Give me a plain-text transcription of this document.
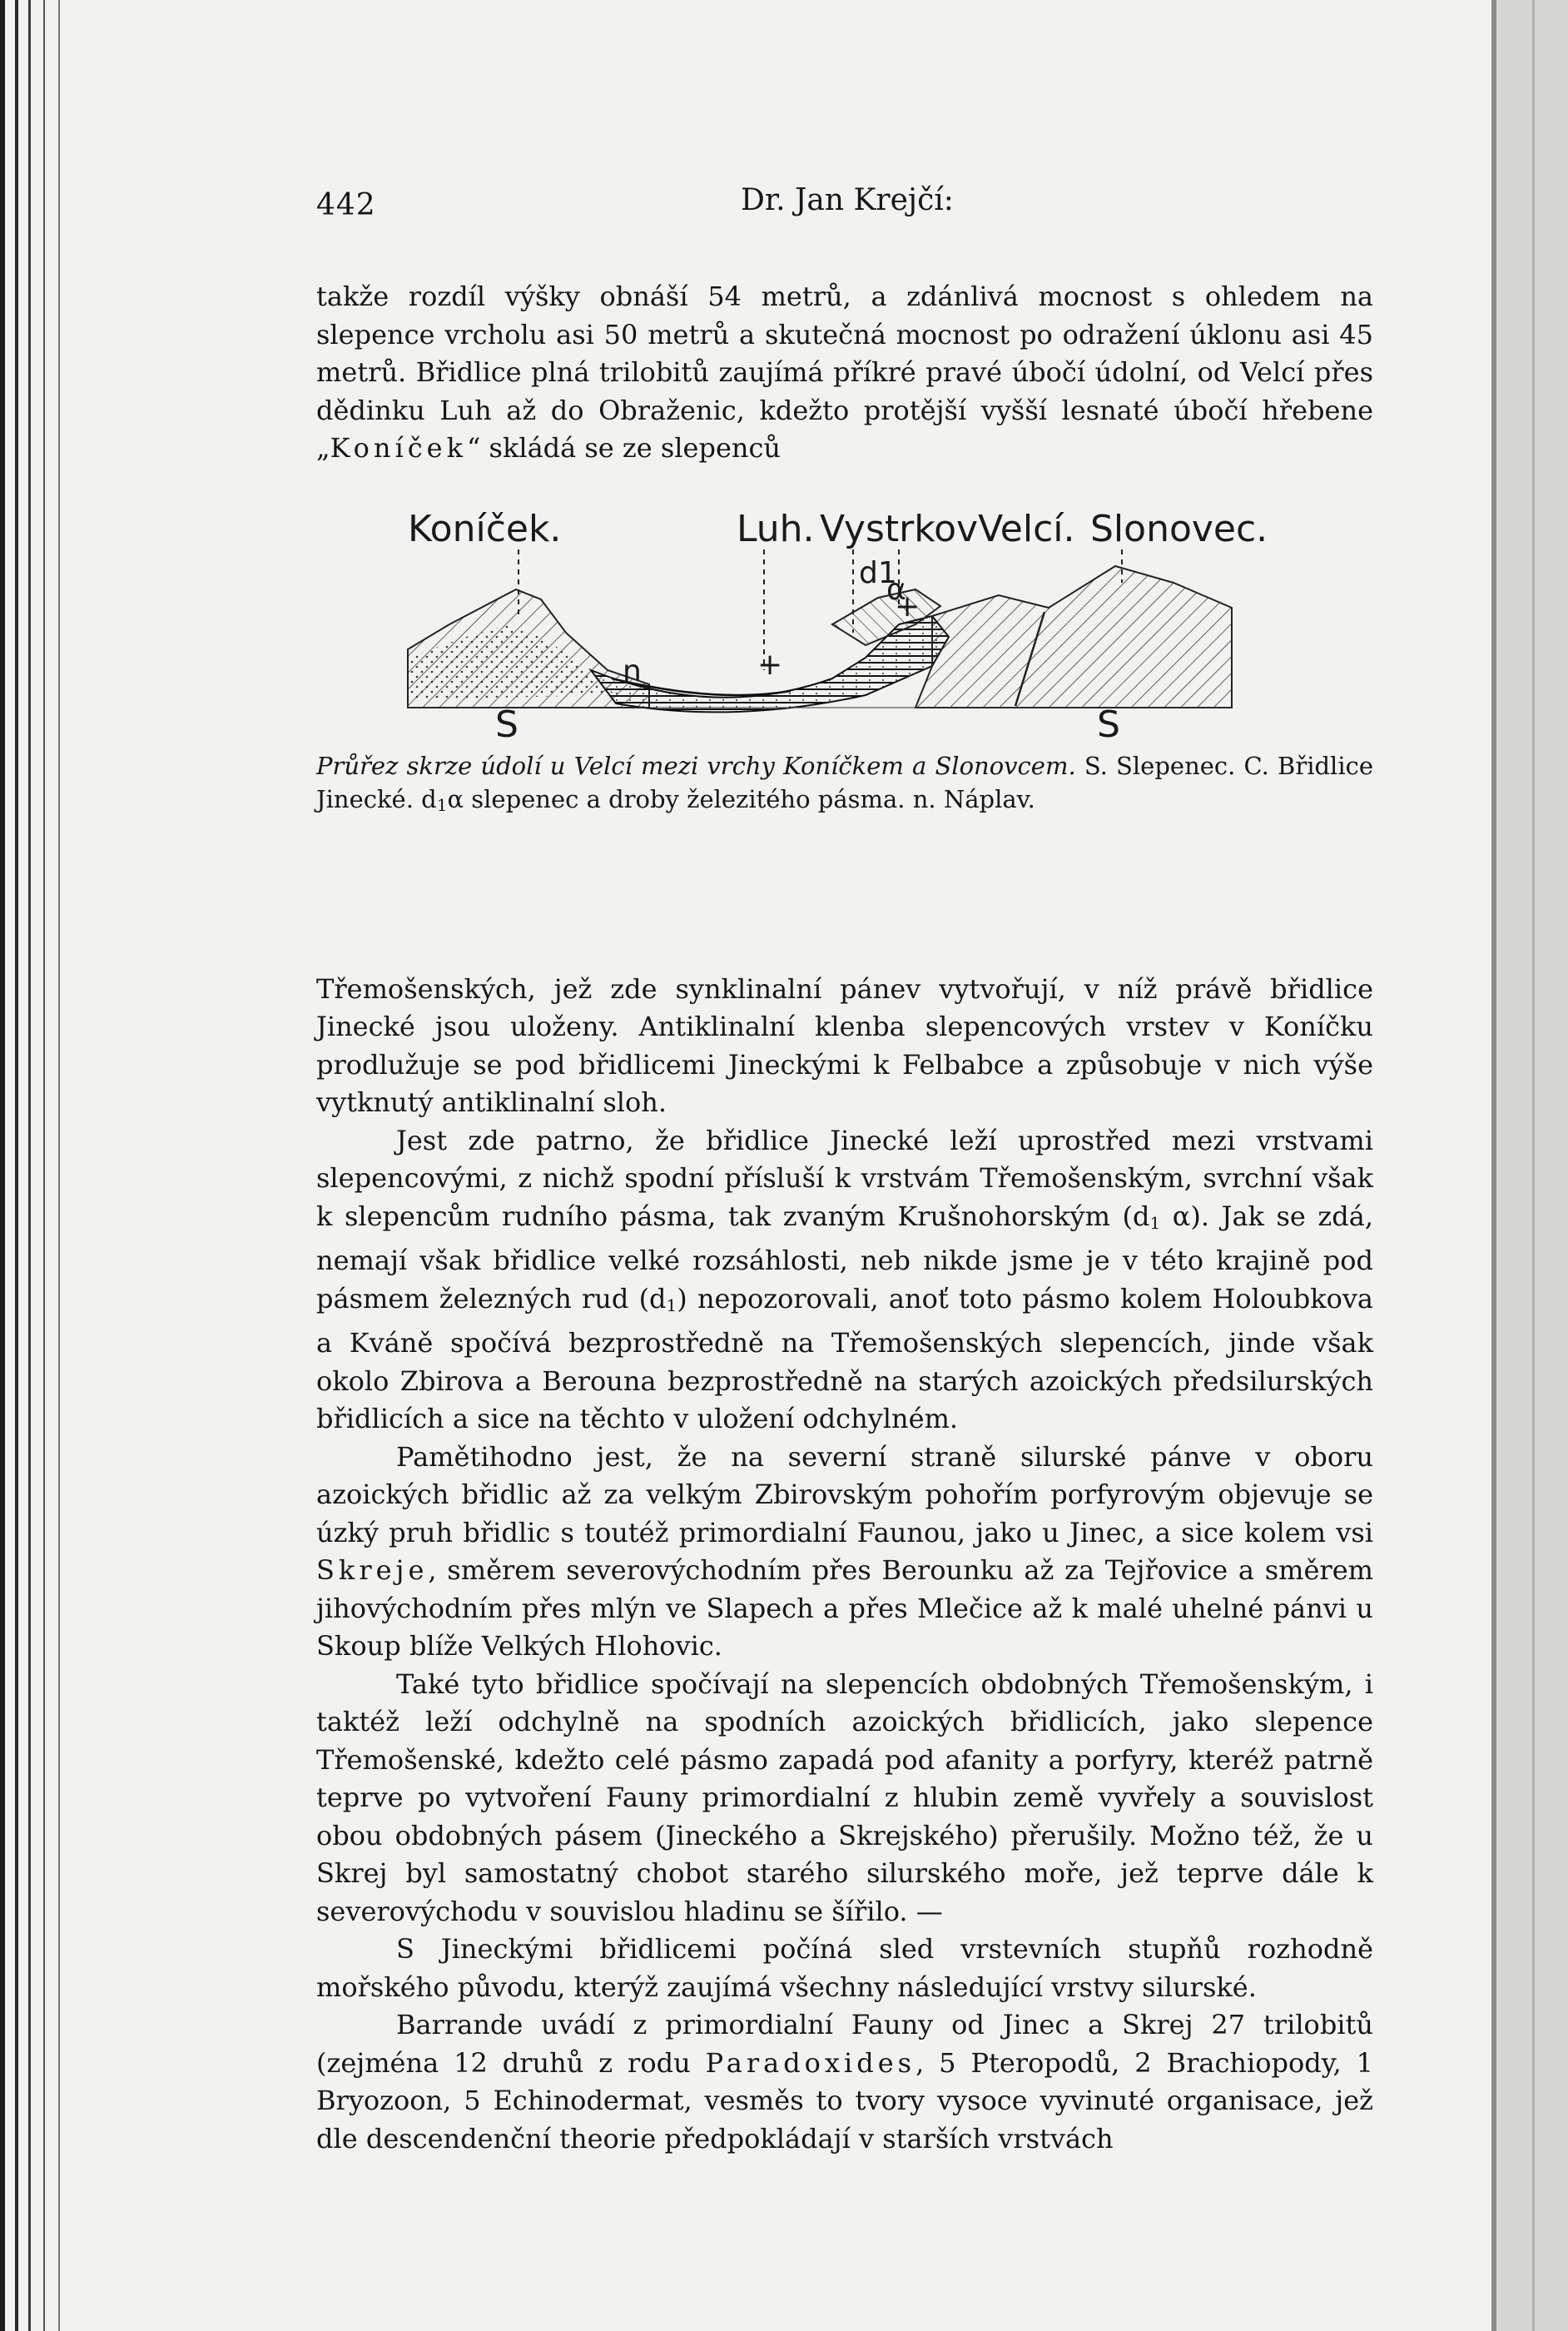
442	Dr. Jan Krejčí:

takže rozdíl výšky obnáší 54 metrů, a zdánlivá mocnost s ohledem na slepence vrcholu asi 50 metrů a skutečná mocnost po odražení úklonu asi 45 metrů. Břidlice plná trilobitů zaujímá příkré pravé úbočí údolní, od Velcí přes dědinku Luh až do Obraženic, kdežto protější vyšší lesnaté úbočí hřebene „Koníček“ skládá se ze slepenců

Koníček.	Luh. VystrkovVelcí. Slonovec.
d1
α
n	+
+
S	S
Průřez skrze údolí u Velcí mezi vrchy Koníčkem a Slonovcem. S. Slepenec. C. Břidlice Jinecké. $d_1\alpha$ slepenec a droby železitého pásma. n. Náplav.

Třemošenských, jež zde synklinalní pánev vytvořují, v níž právě břidlice Jinecké jsou uloženy. Antiklinalní klenba slepencových vrstev v Koníčku prodlužuje se pod břidlicemi Jineckými k Felbabce a způsobuje v nich výše vytknutý antiklinalní sloh.

Jest zde patrno, že břidlice Jinecké leží uprostřed mezi vrstvami slepencovými, z nichž spodní přísluší k vrstvám Třemošenským, svrchní však k slepencům rudního pásma, tak zvaným Krušnohorským ($d_1$ α). Jak se zdá, nemají však břidlice velké rozsáhlosti, neb nikde jsme je v této krajině pod pásmem železných rud $(d_1)$ nepozorovali, anoť toto pásmo kolem Holoubkova a Kváně spočívá bezprostředně na Třemošenských slepencích, jinde však okolo Zbirova a Berouna bezprostředně na starých azoických předsilurských břidlicích a sice na těchto v uložení odchylném.

Pamětihodno jest, že na severní straně silurské pánve v oboru azoických břidlic až za velkým Zbirovským pohořím porfyrovým objevuje se úzký pruh břidlic s toutéž primordialní Faunou, jako u Jinec, a sice kolem vsi Skreje, směrem severovýchodním přes Berounku až za Tejřovice a směrem jihovýchodním přes mlýn ve Slapech a přes Mlečice až k malé uhelné pánvi u Skoup blíže Velkých Hlohovic.

Také tyto břidlice spočívají na slepencích obdobných Třemošenským, i taktéž leží odchylně na spodních azoických břidlicích, jako slepence Třemošenské, kdežto celé pásmo zapadá pod afanity a porfyry, kteréž patrně teprve po vytvoření Fauny primordialní z hlubin země vyvřely a souvislost obou obdobných pásem (Jineckého a Skrejského) přerušily. Možno též, že u Skrej byl samostatný chobot starého silurského moře, jež teprve dále k severovýchodu v souvislou hladinu se šířilo. —

S Jineckými břidlicemi počíná sled vrstevních stupňů rozhodně mořského původu, kterýž zaujímá všechny následující vrstvy silurské.

Barrande uvádí z primordialní Fauny od Jinec a Skrej 27 trilobitů (zejména 12 druhů z rodu Paradoxides, 5 Pteropodů, 2 Brachiopody, 1 Bryozoon, 5 Echinodermat, vesměs to tvory vysoce vyvinuté organisace, jež dle descendenční theorie předpokládají v starších vrstvách
